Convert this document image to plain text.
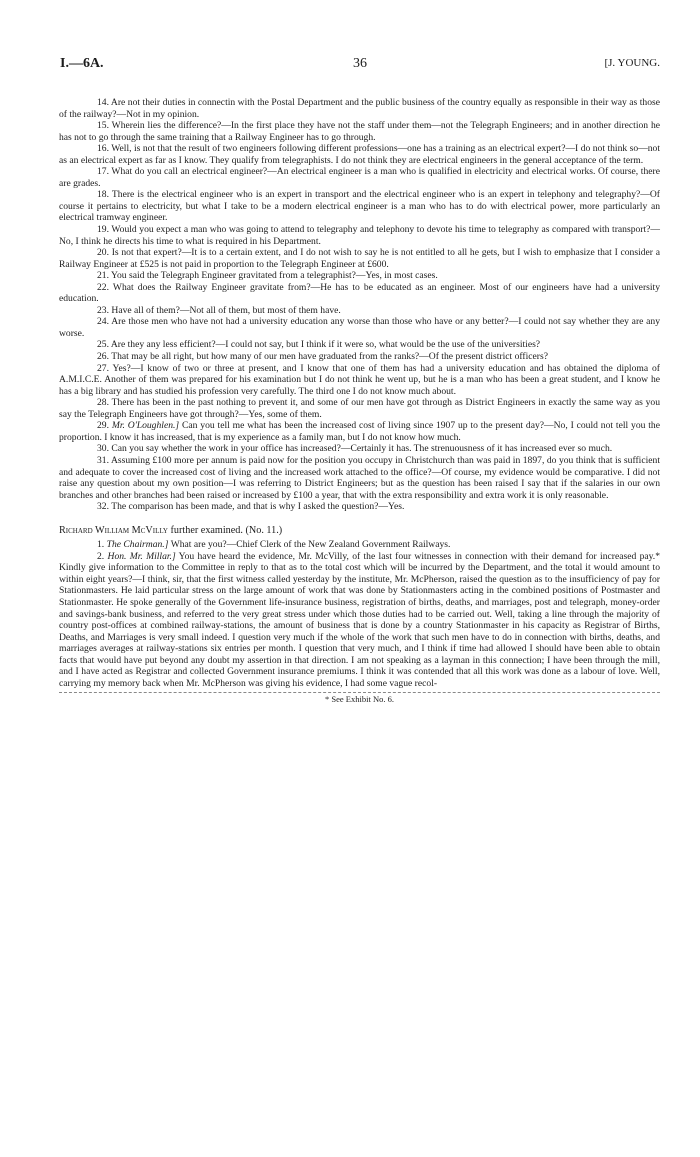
I.—6A.	36	[J. YOUNG.

14. Are not their duties in connectin with the Postal Department and the public business of the country equally as responsible in their way as those of the railway?—Not in my opinion.

15. Wherein lies the difference?—In the first place they have not the staff under them—not the Telegraph Engineers; and in another direction he has not to go through the same training that a Railway Engineer has to go through.

16. Well, is not that the result of two engineers following different professions—one has a training as an electrical expert?—I do not think so—not as an electrical expert as far as I know. They qualify from telegraphists. I do not think they are electrical engineers in the general acceptance of the term.

17. What do you call an electrical engineer?—An electrical engineer is a man who is qualified in electricity and electrical works. Of course, there are grades.

18. There is the electrical engineer who is an expert in transport and the electrical engineer who is an expert in telephony and telegraphy?—Of course it pertains to electricity, but what I take to be a modern electrical engineer is a man who has to do with electrical power, more particularly an electrical tramway engineer.

19. Would you expect a man who was going to attend to telegraphy and telephony to devote his time to telegraphy as compared with transport?—No, I think he directs his time to what is required in his Department.

20. Is not that expert?—It is to a certain extent, and I do not wish to say he is not entitled to all he gets, but I wish to emphasize that I consider a Railway Engineer at £525 is not paid in proportion to the Telegraph Engineer at £600.

21. You said the Telegraph Engineer gravitated from a telegraphist?—Yes, in most cases.

22. What does the Railway Engineer gravitate from?—He has to be educated as an engineer. Most of our engineers have had a university education.

23. Have all of them?—Not all of them, but most of them have.

24. Are those men who have not had a university education any worse than those who have or any better?—I could not say whether they are any worse.

25. Are they any less efficient?—I could not say, but I think if it were so, what would be the use of the universities?

26. That may be all right, but how many of our men have graduated from the ranks?—Of the present district officers?

27. Yes?—I know of two or three at present, and I know that one of them has had a university education and has obtained the diploma of A.M.I.C.E. Another of them was prepared for his examination but I do not think he went up, but he is a man who has been a great student, and I know he has a big library and has studied his profession very carefully. The third one I do not know much about.

28. There has been in the past nothing to prevent it, and some of our men have got through as District Engineers in exactly the same way as you say the Telegraph Engineers have got through?—Yes, some of them.

29. Mr. O'Loughlen.] Can you tell me what has been the increased cost of living since 1907 up to the present day?—No, I could not tell you the proportion. I know it has increased, that is my experience as a family man, but I do not know how much.

30. Can you say whether the work in your office has increased?—Certainly it has. The strenuousness of it has increased ever so much.

31. Assuming £100 more per annum is paid now for the position you occupy in Christchurch than was paid in 1897, do you think that is sufficient and adequate to cover the increased cost of living and the increased work attached to the office?—Of course, my evidence would be comparative. I did not raise any question about my own position—I was referring to District Engineers; but as the question has been raised I say that if the salaries in our own branches and other branches had been raised or increased by £100 a year, that with the extra responsibility and extra work it is only reasonable.

32. The comparison has been made, and that is why I asked the question?—Yes.

Richard William McVilly further examined. (No. 11.)

1. The Chairman.] What are you?—Chief Clerk of the New Zealand Government Railways.

2. Hon. Mr. Millar.] You have heard the evidence, Mr. McVilly, of the last four witnesses in connection with their demand for increased pay.* Kindly give information to the Committee in reply to that as to the total cost which will be incurred by the Department, and the total it would amount to within eight years?—I think, sir, that the first witness called yesterday by the institute, Mr. McPherson, raised the question as to the insufficiency of pay for Stationmasters. He laid particular stress on the large amount of work that was done by Stationmasters acting in the combined positions of Postmaster and Stationmaster. He spoke generally of the Government life-insurance business, registration of births, deaths, and marriages, post and telegraph, money-order and savings-bank business, and referred to the very great stress under which those duties had to be carried out. Well, taking a line through the majority of country post-offices at combined railway-stations, the amount of business that is done by a country Stationmaster in his capacity as Registrar of Births, Deaths, and Marriages is very small indeed. I question very much if the whole of the work that such men have to do in connection with births, deaths, and marriages averages at railway-stations six entries per month. I question that very much, and I think if time had allowed I should have been able to obtain facts that would have put beyond any doubt my assertion in that direction. I am not speaking as a layman in this connection; I have been through the mill, and I have acted as Registrar and collected Government insurance premiums. I think it was contended that all this work was done as a labour of love. Well, carrying my memory back when Mr. McPherson was giving his evidence, I had some vague recol-

* See Exhibit No. 6.
